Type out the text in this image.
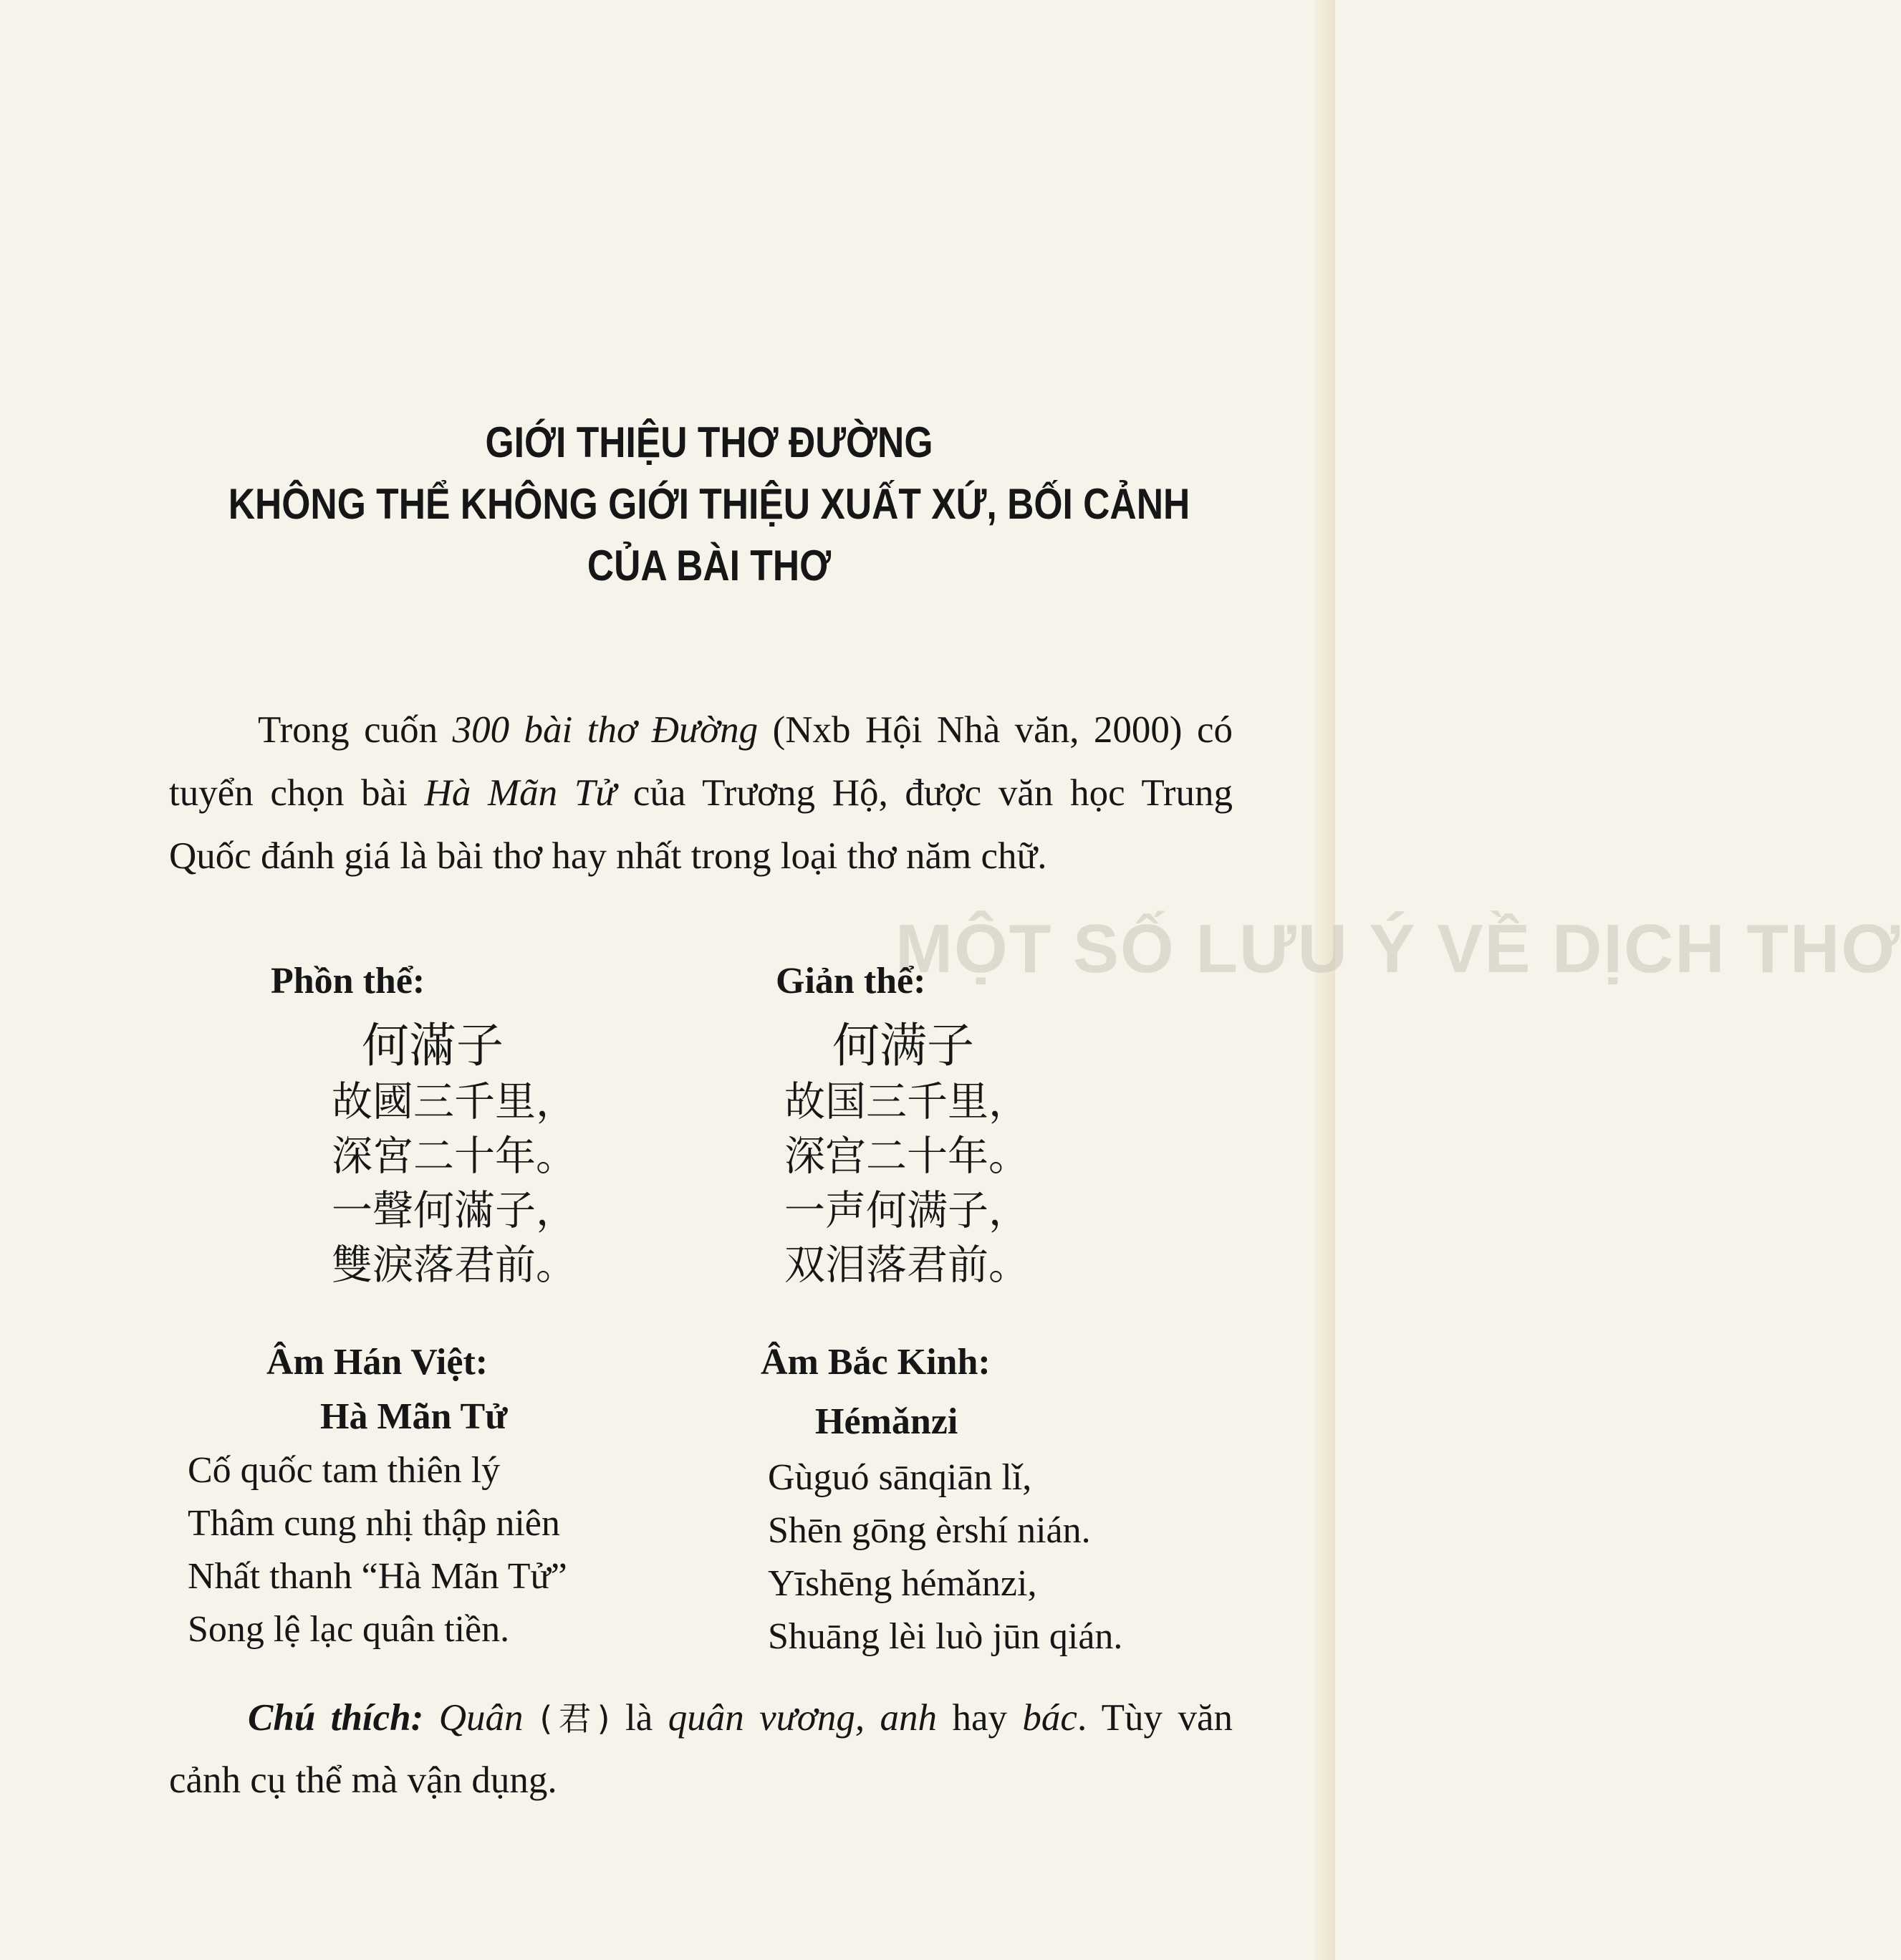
MỘT SỐ LƯU Ý VỀ DỊCH THƠ
GIỚI THIỆU THƠ ĐƯỜNG
KHÔNG THỂ KHÔNG GIỚI THIỆU XUẤT XỨ, BỐI CẢNH
CỦA BÀI THƠ

Trong cuốn 300 bài thơ Đường (Nxb Hội Nhà văn, 2000) có tuyển chọn bài Hà Mãn Tử của Trương Hộ, được văn học Trung Quốc đánh giá là bài thơ hay nhất trong loại thơ năm chữ.

Phồn thể:
何滿子
故國三千里，
深宮二十年。
一聲何滿子，
雙淚落君前。
Giản thể:
何满子
故国三千里，
深宫二十年。
一声何满子，
双泪落君前。
Âm Hán Việt:
Hà Mãn Tử
Cố quốc tam thiên lý
Thâm cung nhị thập niên
Nhất thanh “Hà Mãn Tử”
Song lệ lạc quân tiền.
Âm Bắc Kinh:
Hémǎnzi
Gùguó sānqiān lǐ,
Shēn gōng èrshí nián.
Yīshēng hémǎnzi,
Shuāng lèi luò jūn qián.

Chú thích: Quân (君) là quân vương, anh hay bác. Tùy văn cảnh cụ thể mà vận dụng.
